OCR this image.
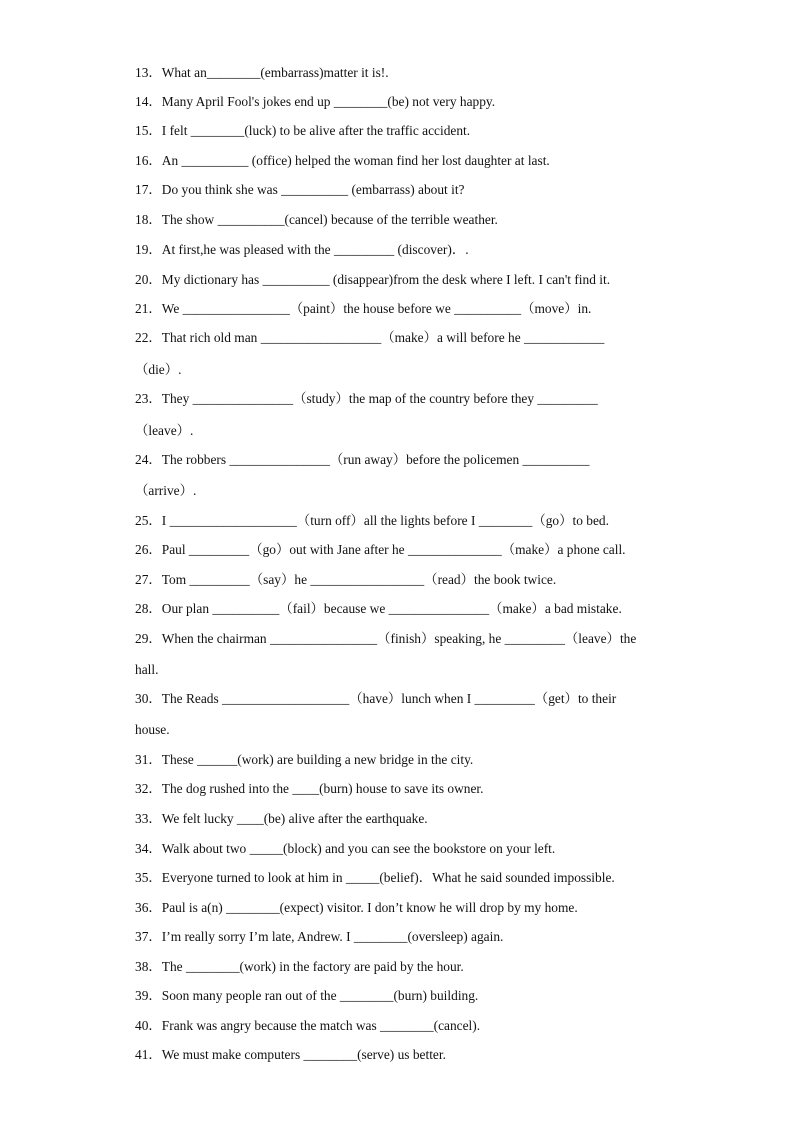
13．What an________(embarrass)matter it is!.
14．Many April Fool's jokes end up ________(be) not very happy.
15．I felt ________(luck) to be alive after the traffic accident.
16．An __________ (office) helped the woman find her lost daughter at last.
17．Do you think she was __________ (embarrass) about it?
18．The show __________(cancel) because of the terrible weather.
19．At first,he was pleased with the _________ (discover)．.
20．My dictionary has __________ (disappear)from the desk where I left. I can't find it.
21．We ________________（paint）the house before we __________（move）in.
22．That rich old man __________________（make）a will before he ____________
（die）.
23．They _______________（study）the map of the country before they _________
（leave）.
24．The robbers _______________（run away）before the policemen __________
（arrive）.
25．I ___________________（turn off）all the lights before I ________（go）to bed.
26．Paul _________（go）out with Jane after he ______________（make）a phone call.
27．Tom _________（say）he _________________（read）the book twice.
28．Our plan __________（fail）because we _______________（make）a bad mistake.
29．When the chairman ________________（finish）speaking, he _________（leave）the
hall.
30．The Reads ___________________（have）lunch when I _________（get）to their
house.
31．These ______(work) are building a new bridge in the city.
32．The dog rushed into the ____(burn) house to save its owner.
33．We felt lucky ____(be) alive after the earthquake.
34．Walk about two _____(block) and you can see the bookstore on your left.
35．Everyone turned to look at him in _____(belief)．What he said sounded impossible.
36．Paul is a(n) ________(expect) visitor. I don’t know he will drop by my home.
37．I’m really sorry I’m late, Andrew. I ________(oversleep) again.
38．The ________(work) in the factory are paid by the hour.
39．Soon many people ran out of the ________(burn) building.
40．Frank was angry because the match was ________(cancel).
41．We must make computers ________(serve) us better.
